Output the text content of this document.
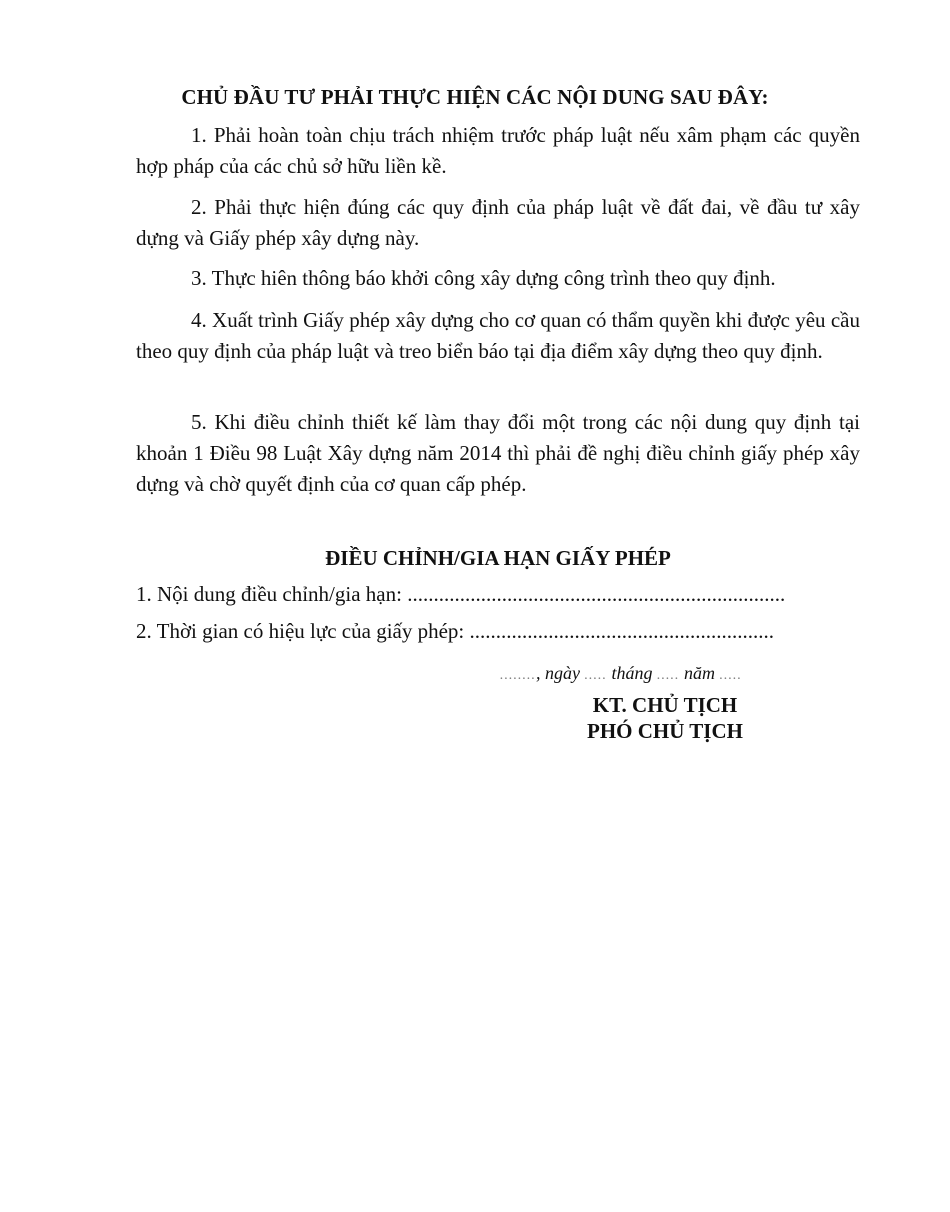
CHỦ ĐẦU TƯ PHẢI THỰC HIỆN CÁC NỘI DUNG SAU ĐÂY:

1. Phải hoàn toàn chịu trách nhiệm trước pháp luật nếu xâm phạm các quyền hợp pháp của các chủ sở hữu liền kề.

2. Phải thực hiện đúng các quy định của pháp luật về đất đai, về đầu tư xây dựng và Giấy phép xây dựng này.

3. Thực hiên thông báo khởi công xây dựng công trình theo quy định.

4. Xuất trình Giấy phép xây dựng cho cơ quan có thẩm quyền khi được yêu cầu theo quy định của pháp luật và treo biển báo tại địa điểm xây dựng theo quy định.

5. Khi điều chỉnh thiết kế làm thay đổi một trong các nội dung quy định tại khoản 1 Điều 98 Luật Xây dựng năm 2014 thì phải đề nghị điều chỉnh giấy phép xây dựng và chờ quyết định của cơ quan cấp phép.

ĐIỀU CHỈNH/GIA HẠN GIẤY PHÉP
1. Nội dung điều chỉnh/gia hạn: ........................................................................
2. Thời gian có hiệu lực của giấy phép: ..........................................................
........, ngày ..... tháng ..... năm .....
KT. CHỦ TỊCH
PHÓ CHỦ TỊCH
